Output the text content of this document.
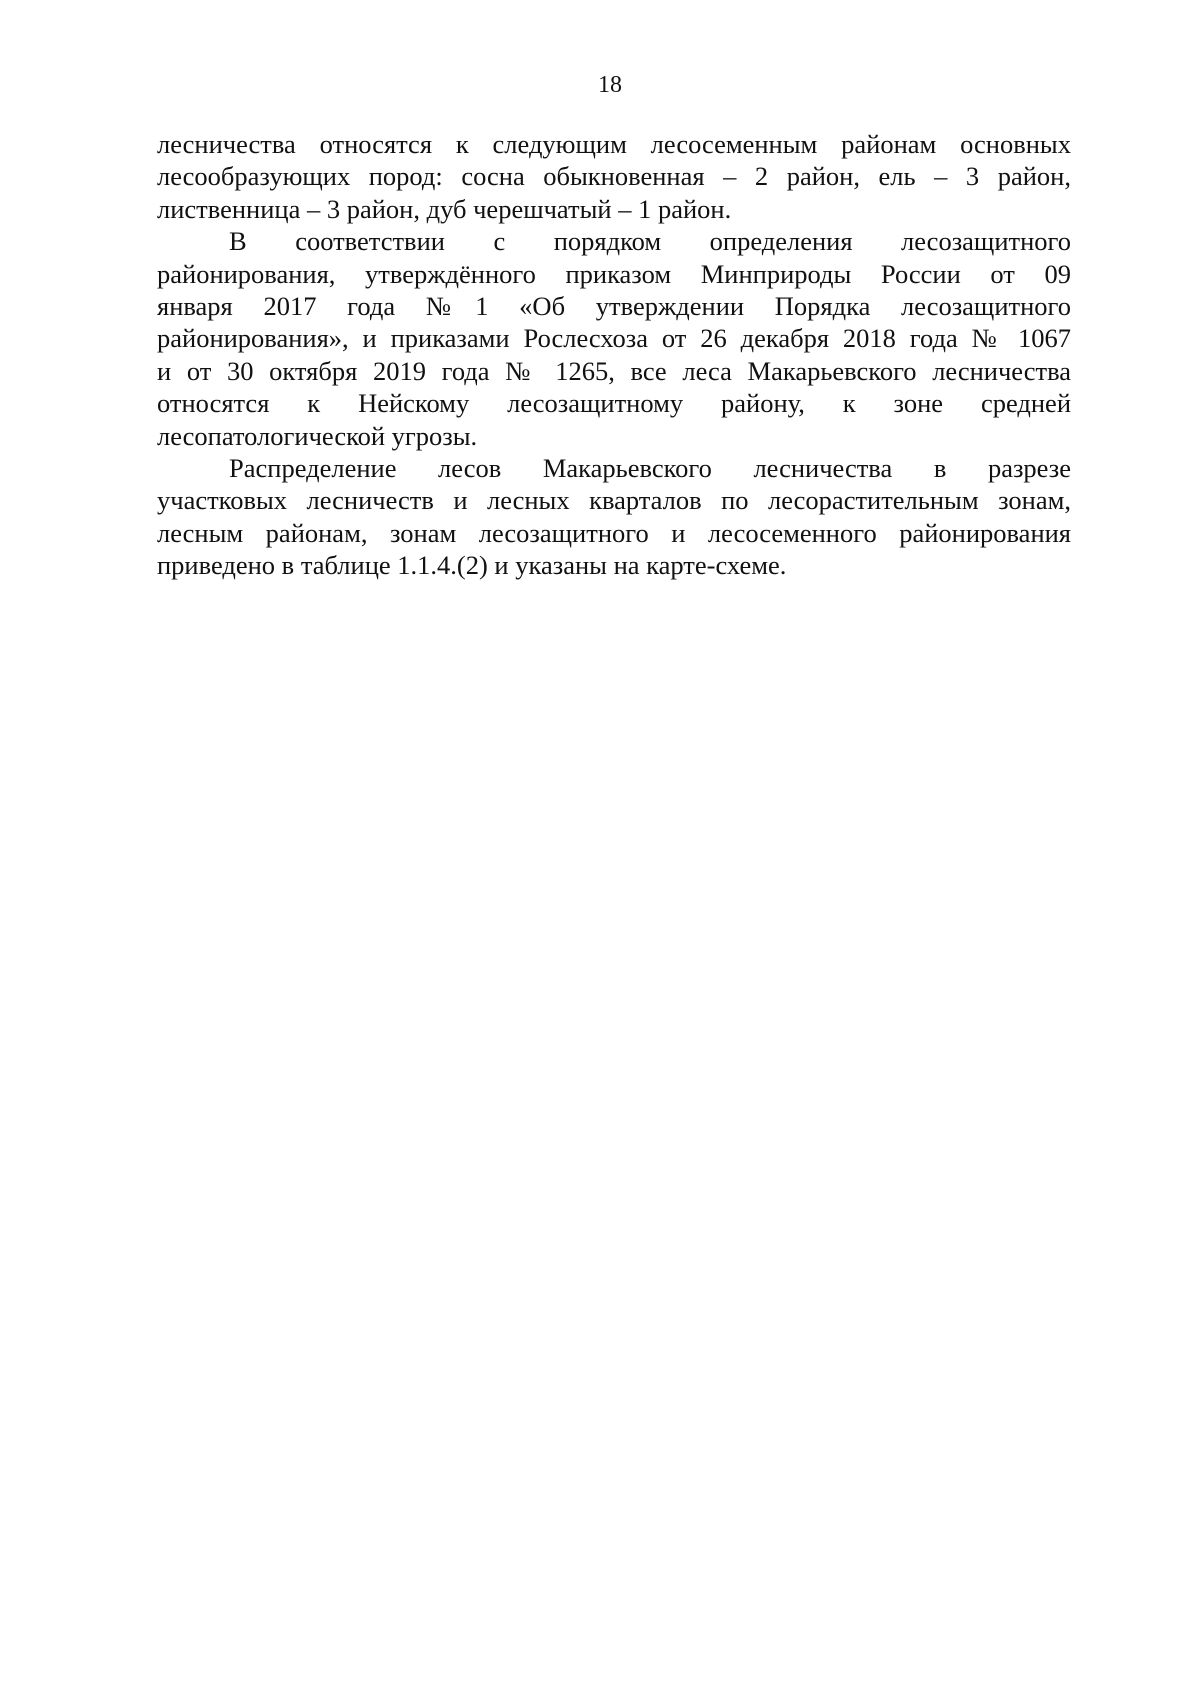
18
лесничества относятся к следующим лесосеменным районам основных
лесообразующих пород: сосна обыкновенная – 2 район, ель – 3 район,
лиственница – 3 район, дуб черешчатый – 1 район.
В соответствии с порядком определения лесозащитного
районирования, утверждённого приказом Минприроды России от 09
января 2017 года №1 «Об утверждении Порядка лесозащитного
районирования», и приказами Рослесхоза от 26 декабря 2018 года № 1067
и от 30 октября 2019 года № 1265, все леса Макарьевского лесничества
относятся к Нейскому лесозащитному району, к зоне средней
лесопатологической угрозы.
Распределение лесов Макарьевского лесничества в разрезе
участковых лесничеств и лесных кварталов по лесорастительным зонам,
лесным районам, зонам лесозащитного и лесосеменного районирования
приведено в таблице 1.1.4.(2) и указаны на карте-схеме.
